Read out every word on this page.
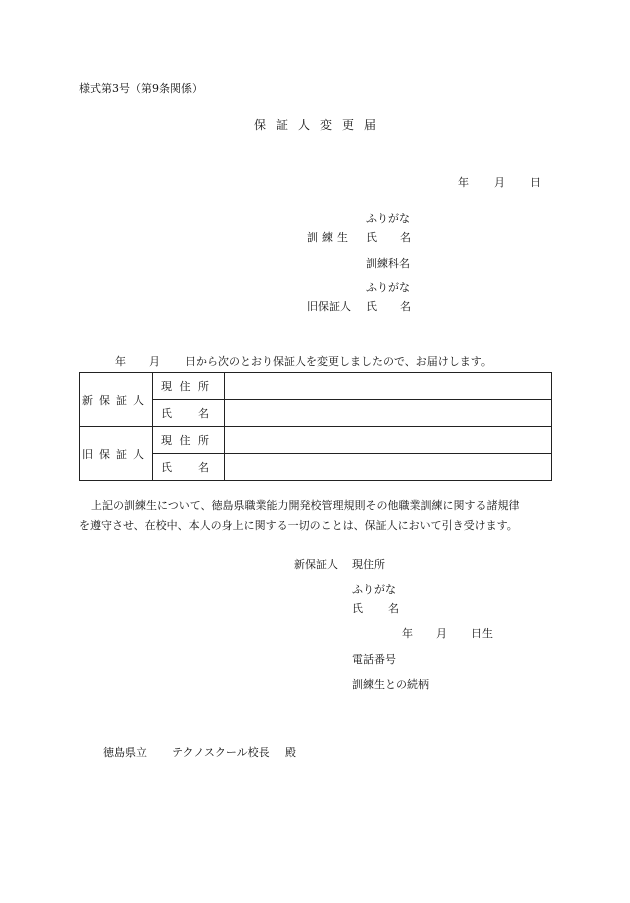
様式第3号（第9条関係）
保証人変更届
年 月 日
ふりがな
訓練生 氏 名
訓練科名
ふりがな
旧保証人 氏 名
年 月 日から次のとおり保証人を変更しましたので、お届けします。
新保証人	現 住 所	

	氏 名	

旧保証人	現 住 所	

	氏 名	

上記の訓練生について、徳島県職業能力開発校管理規則その他職業訓練に関する諸規律
を遵守させ、在校中、本人の身上に関する一切のことは、保証人において引き受けます。
新保証人 現住所
ふりがな
氏 名
年 月 日生
電話番号
訓練生との続柄
徳島県立 テクノスクール校長 殿
